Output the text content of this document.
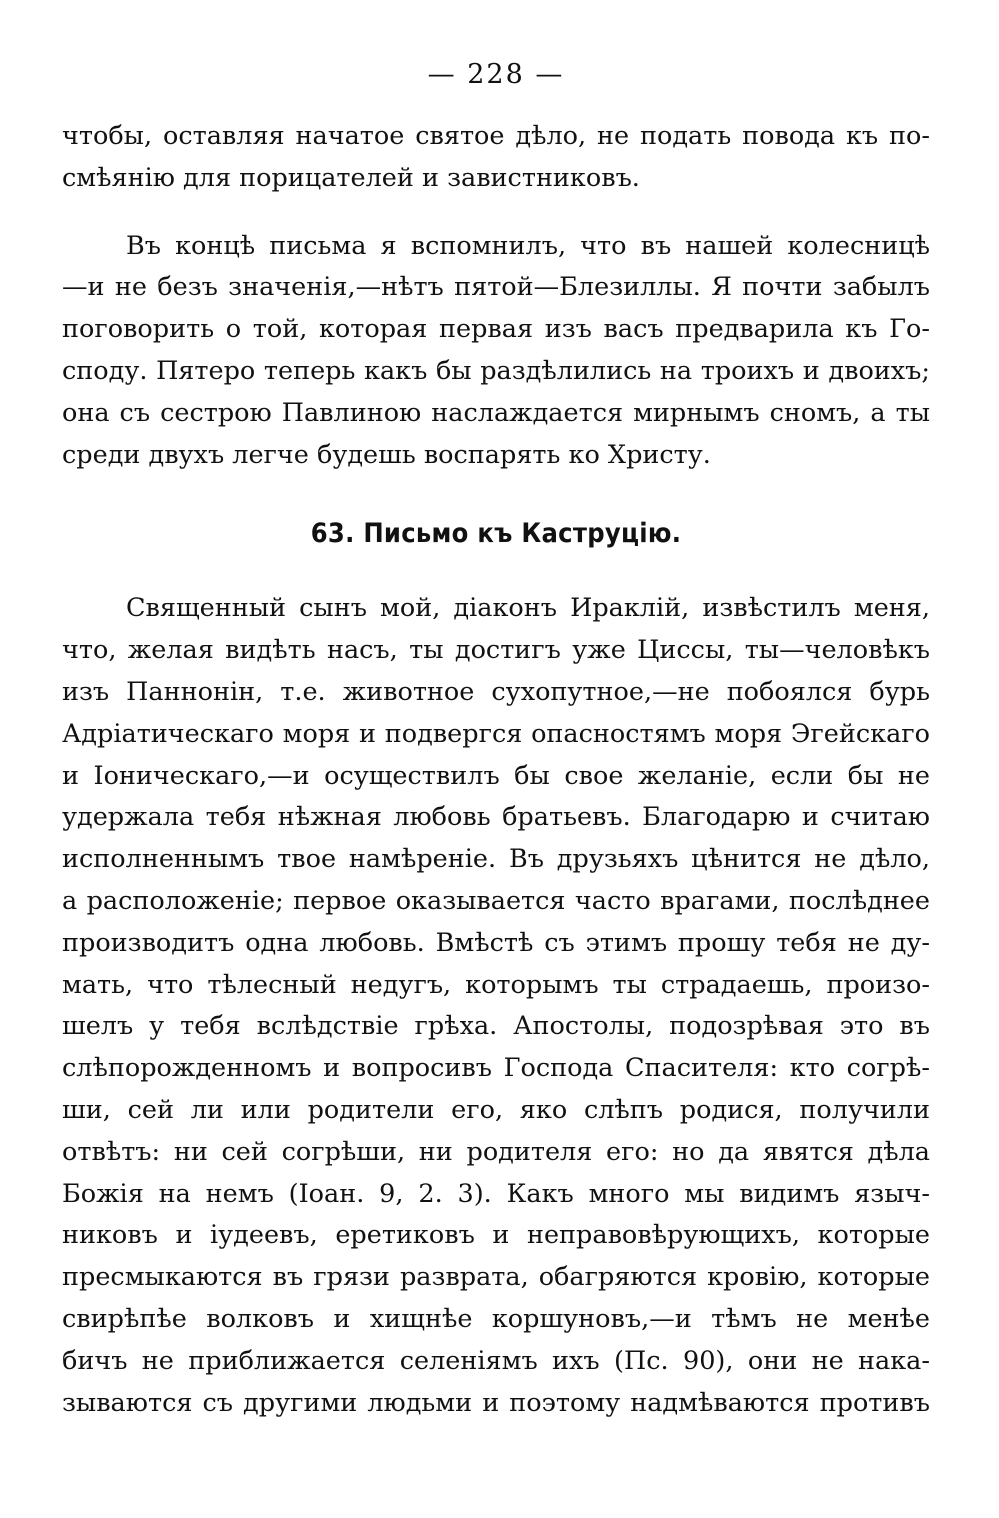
— 228 —
чтобы, оставляя начатое святое дѣло, не подать повода къ по-
смѣянію для порицателей и завистниковъ.
Въ концѣ письма я вспомнилъ, что въ нашей колесницѣ
—и не безъ значенія,—нѣтъ пятой—Блезиллы. Я почти забылъ
поговорить о той, которая первая изъ васъ предварила къ Го-
споду. Пятеро теперь какъ бы раздѣлились на троихъ и двоихъ;
она съ сестрою Павлиною наслаждается мирнымъ сномъ, а ты
среди двухъ легче будешь воспарять ко Христу.
63. Письмо къ Каструцію.
Священный сынъ мой, діаконъ Ираклій, извѣстилъ меня,
что, желая видѣть насъ, ты достигъ уже Циссы, ты—человѣкъ
изъ Паннонін, т.е. животное сухопутное,—не побоялся бурь
Адріатическаго моря и подвергся опасностямъ моря Эгейскаго
и Іоническаго,—и осуществилъ бы свое желаніе, если бы не
удержала тебя нѣжная любовь братьевъ. Благодарю и считаю
исполненнымъ твое намѣреніе. Въ друзьяхъ цѣнится не дѣло,
а расположеніе; первое оказывается часто врагами, послѣднее
производитъ одна любовь. Вмѣстѣ съ этимъ прошу тебя не ду-
мать, что тѣлесный недугъ, которымъ ты страдаешь, произо-
шелъ у тебя вслѣдствіе грѣха. Апостолы, подозрѣвая это въ
слѣпорожденномъ и вопросивъ Господа Спасителя: кто согрѣ-
ши, сей ли или родители его, яко слѣпъ родися, получили
отвѣтъ: ни сей согрѣши, ни родителя его: но да явятся дѣла
Божія на немъ (Іоан. 9, 2. 3). Какъ много мы видимъ языч-
никовъ и іудеевъ, еретиковъ и неправовѣрующихъ, которые
пресмыкаются въ грязи разврата, обагряются кровію, которые
свирѣпѣе волковъ и хищнѣе коршуновъ,—и тѣмъ не менѣе
бичъ не приближается селеніямъ ихъ (Пс. 90), они не нака-
зываются съ другими людьми и поэтому надмѣваются противъ
